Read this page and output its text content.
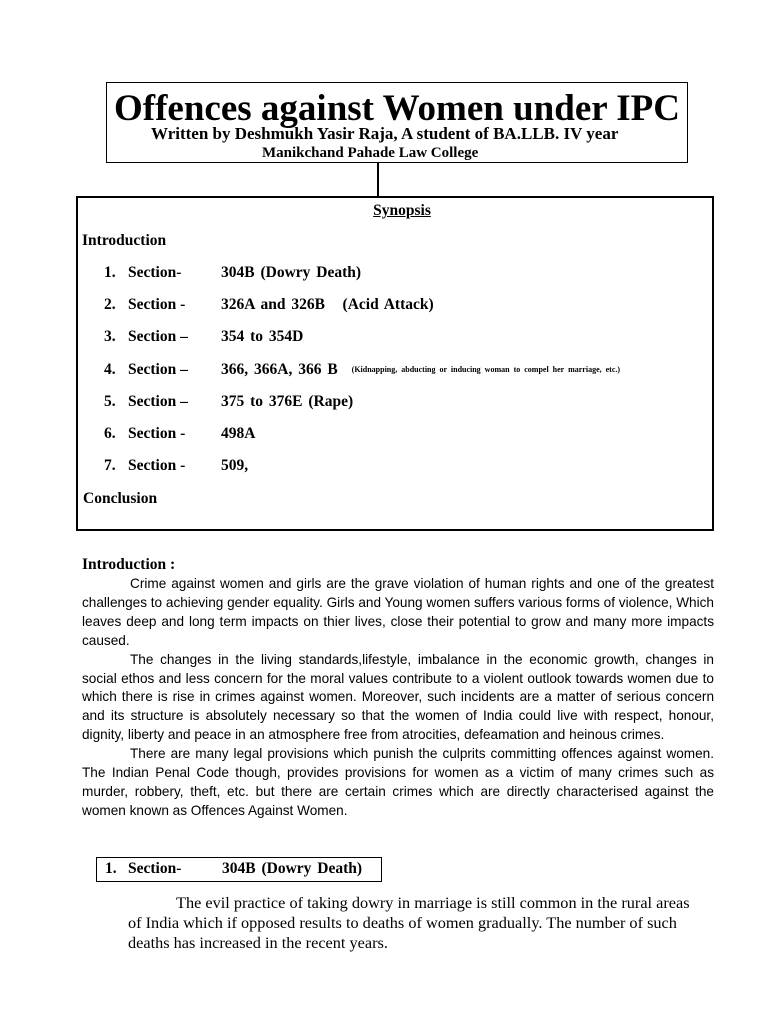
Offences against Women under IPC
Written by Deshmukh Yasir Raja, A student of BA.LLB. IV year
Manikchand Pahade Law College
Synopsis
Introduction
1. Section-	304B (Dowry Death)
2. Section - 326A and 326B   (Acid Attack)
3. Section – 354 to 354D
4. Section – 366, 366A, 366 B (Kidnapping, abducting or inducing woman to compel her marriage, etc.)
5. Section – 375 to 376E (Rape)
6. Section - 498A
7. Section - 509,
Conclusion
Introduction :

Crime against women and girls are the grave violation of human rights and one of the greatest challenges to achieving gender equality. Girls and Young women suffers various forms of violence, Which leaves deep and long term impacts on thier lives, close their potential to grow and many more impacts caused.

The changes in the living standards,lifestyle, imbalance in the economic growth, changes in social ethos and less concern for the moral values contribute to a violent outlook towards women due to which there is rise in crimes against women. Moreover, such incidents are a matter of serious concern and its structure is absolutely necessary so that the women of India could live with respect, honour, dignity, liberty and peace in an atmosphere free from atrocities, defeamation and heinous crimes.

There are many legal provisions which punish the culprits committing offences against women. The Indian Penal Code though, provides provisions for women as a victim of many crimes such as murder, robbery, theft, etc. but there are certain crimes which are directly characterised against the women known as Offences Against Women.

1. Section-	304B (Dowry Death)

The evil practice of taking dowry in marriage is still common in the rural areas of India which if opposed results to deaths of women gradually. The number of such deaths has increased in the recent years.
